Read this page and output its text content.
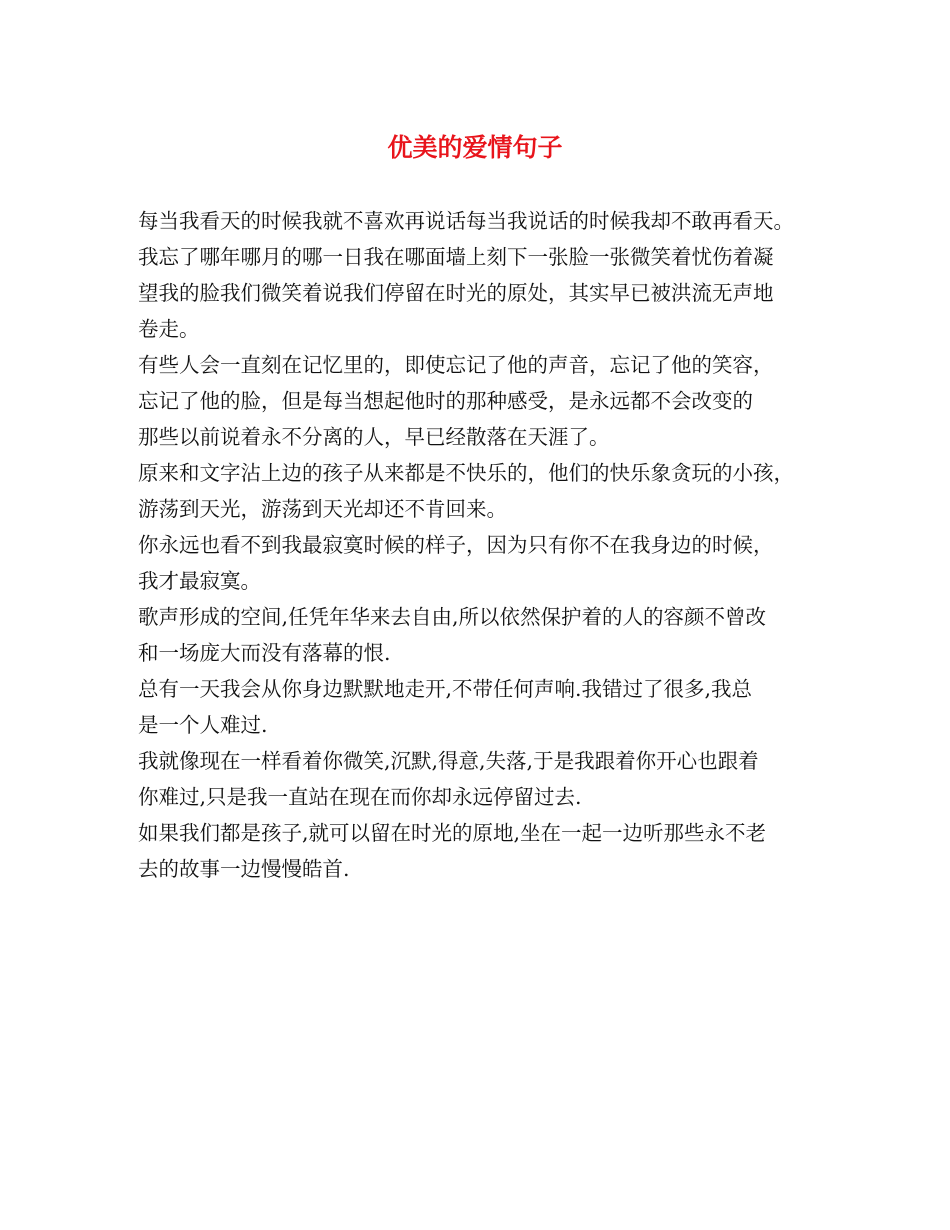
优美的爱情句子
每当我看天的时候我就不喜欢再说话每当我说话的时候我却不敢再看天。
我忘了哪年哪月的哪一日我在哪面墙上刻下一张脸一张微笑着忧伤着凝
望我的脸我们微笑着说我们停留在时光的原处，其实早已被洪流无声地
卷走。
有些人会一直刻在记忆里的，即使忘记了他的声音，忘记了他的笑容，
忘记了他的脸，但是每当想起他时的那种感受，是永远都不会改变的
那些以前说着永不分离的人，早已经散落在天涯了。
原来和文字沾上边的孩子从来都是不快乐的，他们的快乐象贪玩的小孩，
游荡到天光，游荡到天光却还不肯回来。
你永远也看不到我最寂寞时候的样子，因为只有你不在我身边的时候，
我才最寂寞。
歌声形成的空间,任凭年华来去自由,所以依然保护着的人的容颜不曾改
和一场庞大而没有落幕的恨.
总有一天我会从你身边默默地走开,不带任何声响.我错过了很多,我总
是一个人难过.
我就像现在一样看着你微笑,沉默,得意,失落,于是我跟着你开心也跟着
你难过,只是我一直站在现在而你却永远停留过去.
如果我们都是孩子,就可以留在时光的原地,坐在一起一边听那些永不老
去的故事一边慢慢皓首.
